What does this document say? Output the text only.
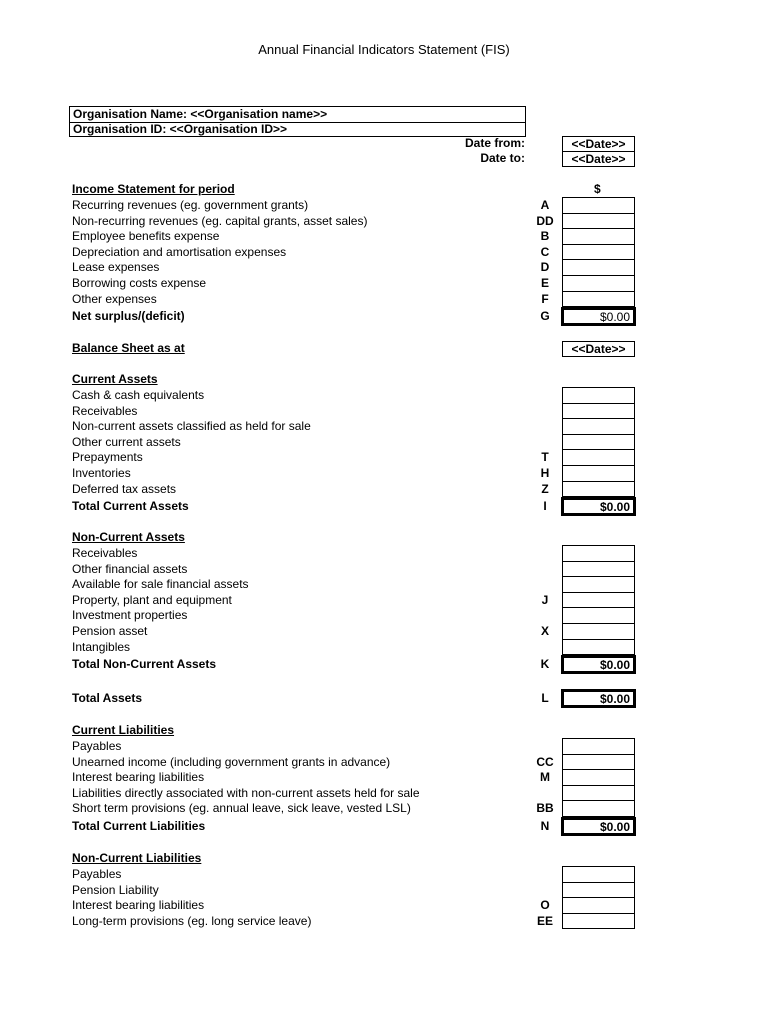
Annual Financial Indicators Statement (FIS)
Organisation Name: <<Organisation name>>
Organisation ID: <<Organisation ID>>
Date from:	<<Date>>
Date to:	<<Date>>
Income Statement for period	$
Recurring revenues (eg. government grants)	A
Non-recurring revenues (eg. capital grants, asset sales)	DD
Employee benefits expense	B
Depreciation and amortisation expenses	C
Lease expenses	D
Borrowing costs expense	E
Other expenses	F
Net surplus/(deficit)	G	$0.00
Balance Sheet as at	<<Date>>
Current Assets
Cash & cash equivalents
Receivables
Non-current assets classified as held for sale
Other current assets
Prepayments	T
Inventories	H
Deferred tax assets	Z
Total Current Assets	I	$0.00
Non-Current Assets
Receivables
Other financial assets
Available for sale financial assets
Property, plant and equipment	J
Investment properties
Pension asset	X
Intangibles
Total Non-Current Assets	K	$0.00
Total Assets	L	$0.00
Current Liabilities
Payables
Unearned income (including government grants in advance)	CC
Interest bearing liabilities	M
Liabilities directly associated with non-current assets held for sale
Short term provisions (eg. annual leave, sick leave, vested LSL)	BB
Total Current Liabilities	N	$0.00
Non-Current Liabilities
Payables
Pension Liability
Interest bearing liabilities	O
Long-term provisions (eg. long service leave)	EE
